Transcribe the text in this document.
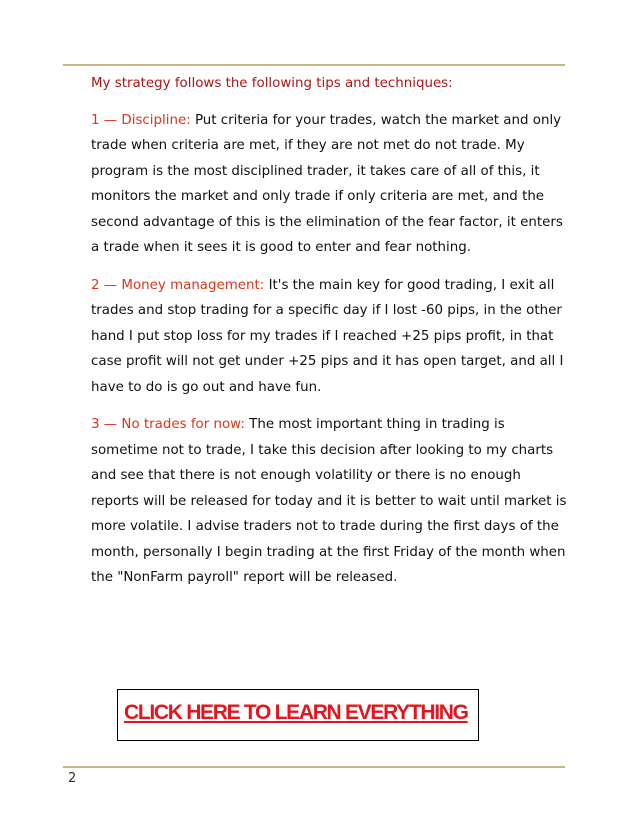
My strategy follows the following tips and techniques:

1 — Discipline: Put criteria for your trades, watch the market and only trade when criteria are met, if they are not met do not trade. My program is the most disciplined trader, it takes care of all of this, it monitors the market and only trade if only criteria are met, and the second advantage of this is the elimination of the fear factor, it enters a trade when it sees it is good to enter and fear nothing.

2 — Money management: It's the main key for good trading, I exit all trades and stop trading for a specific day if I lost -60 pips, in the other hand I put stop loss for my trades if I reached +25 pips profit, in that case profit will not get under +25 pips and it has open target, and all I have to do is go out and have fun.

3 — No trades for now: The most important thing in trading is sometime not to trade, I take this decision after looking to my charts and see that there is not enough volatility or there is no enough reports will be released for today and it is better to wait until market is more volatile. I advise traders not to trade during the first days of the month, personally I begin trading at the first Friday of the month when the "NonFarm payroll" report will be released.

CLICK HERE TO LEARN EVERYTHING
2
